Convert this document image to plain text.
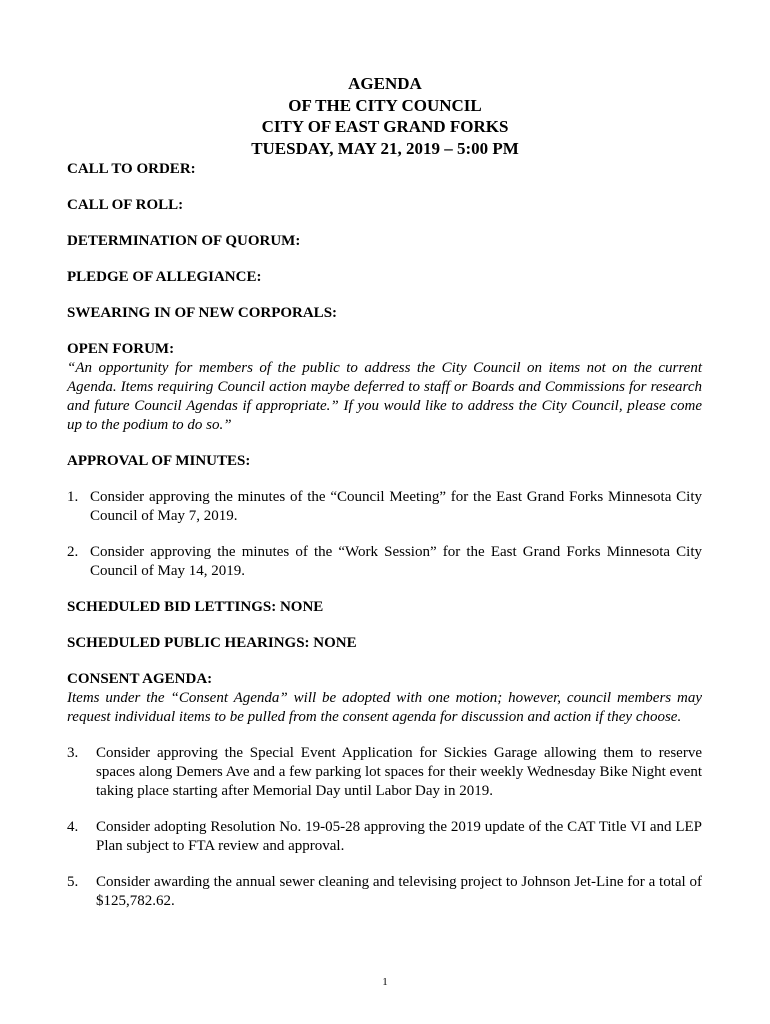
AGENDA
OF THE CITY COUNCIL
CITY OF EAST GRAND FORKS
TUESDAY, MAY 21, 2019 – 5:00 PM
CALL TO ORDER:
CALL OF ROLL:
DETERMINATION OF QUORUM:
PLEDGE OF ALLEGIANCE:
SWEARING IN OF NEW CORPORALS:
OPEN FORUM:
“An opportunity for members of the public to address the City Council on items not on the current Agenda. Items requiring Council action maybe deferred to staff or Boards and Commissions for research and future Council Agendas if appropriate.” If you would like to address the City Council, please come up to the podium to do so.”
APPROVAL OF MINUTES:
1. Consider approving the minutes of the “Council Meeting” for the East Grand Forks Minnesota City Council of May 7, 2019.
2. Consider approving the minutes of the “Work Session” for the East Grand Forks Minnesota City Council of May 14, 2019.
SCHEDULED BID LETTINGS: NONE
SCHEDULED PUBLIC HEARINGS: NONE
CONSENT AGENDA:
Items under the “Consent Agenda” will be adopted with one motion; however, council members may request individual items to be pulled from the consent agenda for discussion and action if they choose.
3. Consider approving the Special Event Application for Sickies Garage allowing them to reserve spaces along Demers Ave and a few parking lot spaces for their weekly Wednesday Bike Night event taking place starting after Memorial Day until Labor Day in 2019.
4. Consider adopting Resolution No. 19-05-28 approving the 2019 update of the CAT Title VI and LEP Plan subject to FTA review and approval.
5. Consider awarding the annual sewer cleaning and televising project to Johnson Jet-Line for a total of $125,782.62.
1
